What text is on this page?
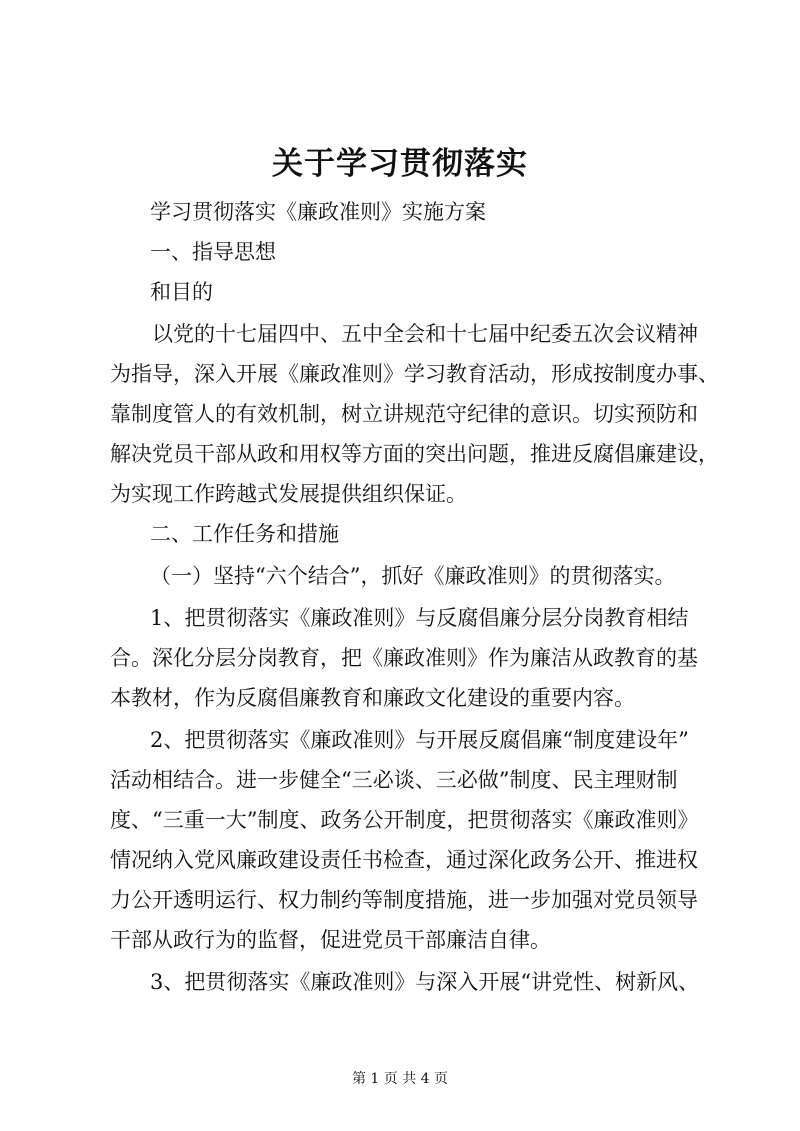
关于学习贯彻落实
学习贯彻落实《廉政准则》实施方案
一、指导思想
和目的
以党的十七届四中、五中全会和十七届中纪委五次会议精神
为指导，深入开展《廉政准则》学习教育活动，形成按制度办事、
靠制度管人的有效机制，树立讲规范守纪律的意识。切实预防和
解决党员干部从政和用权等方面的突出问题，推进反腐倡廉建设，
为实现工作跨越式发展提供组织保证。
二、工作任务和措施
（一）坚持“六个结合”，抓好《廉政准则》的贯彻落实。
1、把贯彻落实《廉政准则》与反腐倡廉分层分岗教育相结
合。深化分层分岗教育，把《廉政准则》作为廉洁从政教育的基
本教材，作为反腐倡廉教育和廉政文化建设的重要内容。
2、把贯彻落实《廉政准则》与开展反腐倡廉“制度建设年”
活动相结合。进一步健全“三必谈、三必做”制度、民主理财制
度、“三重一大”制度、政务公开制度，把贯彻落实《廉政准则》
情况纳入党风廉政建设责任书检查，通过深化政务公开、推进权
力公开透明运行、权力制约等制度措施，进一步加强对党员领导
干部从政行为的监督，促进党员干部廉洁自律。
3、把贯彻落实《廉政准则》与深入开展“讲党性、树新风、
第 1 页 共 4 页
